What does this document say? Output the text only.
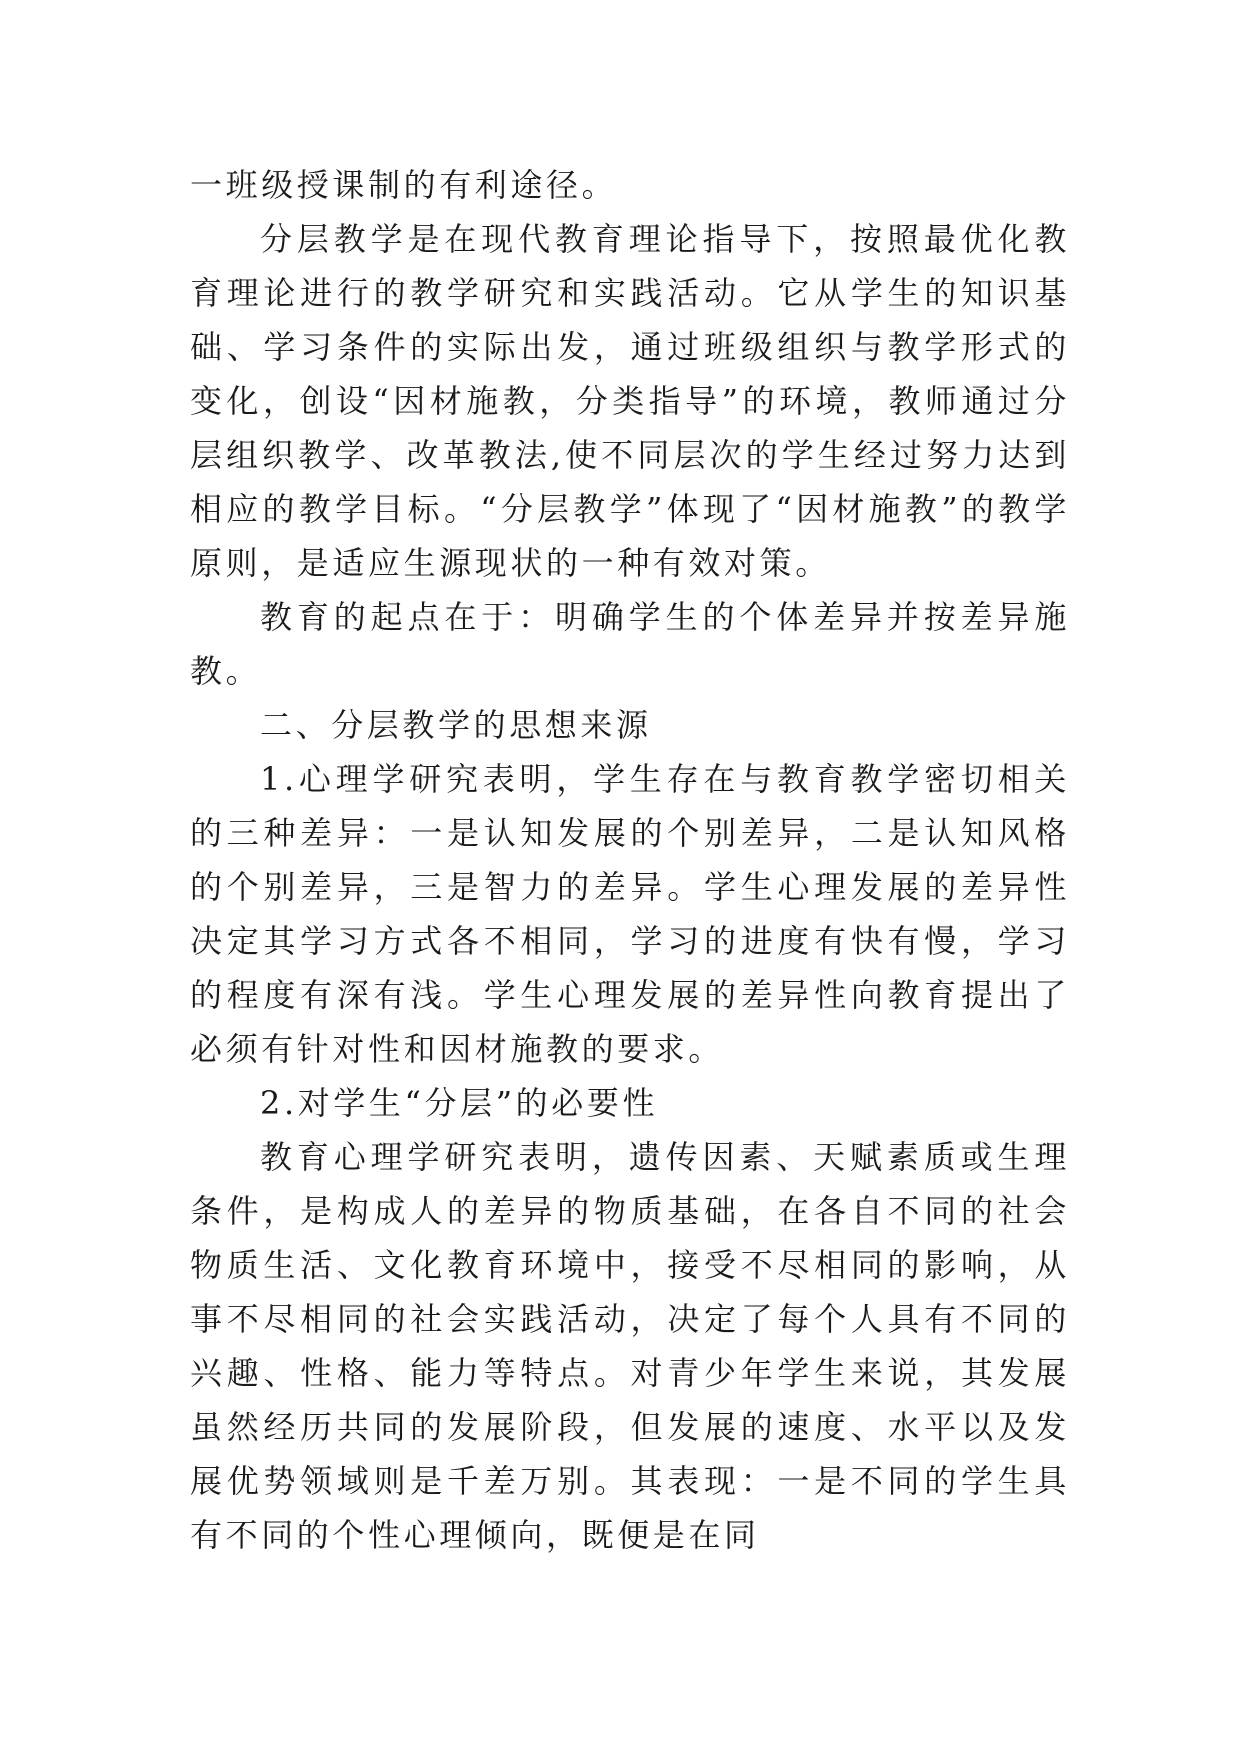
一班级授课制的有利途径。

分层教学是在现代教育理论指导下，按照最优化教育理论进行的教学研究和实践活动。它从学生的知识基础、学习条件的实际出发，通过班级组织与教学形式的变化，创设“因材施教，分类指导”的环境，教师通过分层组织教学、改革教法,使不同层次的学生经过努力达到相应的教学目标。“分层教学”体现了“因材施教”的教学原则，是适应生源现状的一种有效对策。

教育的起点在于：明确学生的个体差异并按差异施教。

二、分层教学的思想来源

1.心理学研究表明，学生存在与教育教学密切相关的三种差异：一是认知发展的个别差异，二是认知风格的个别差异，三是智力的差异。学生心理发展的差异性决定其学习方式各不相同，学习的进度有快有慢，学习的程度有深有浅。学生心理发展的差异性向教育提出了必须有针对性和因材施教的要求。

2.对学生“分层”的必要性

教育心理学研究表明，遗传因素、天赋素质或生理条件，是构成人的差异的物质基础，在各自不同的社会物质生活、文化教育环境中，接受不尽相同的影响，从事不尽相同的社会实践活动，决定了每个人具有不同的兴趣、性格、能力等特点。对青少年学生来说，其发展虽然经历共同的发展阶段，但发展的速度、水平以及发展优势领域则是千差万别。其表现：一是不同的学生具有不同的个性心理倾向，既便是在同
